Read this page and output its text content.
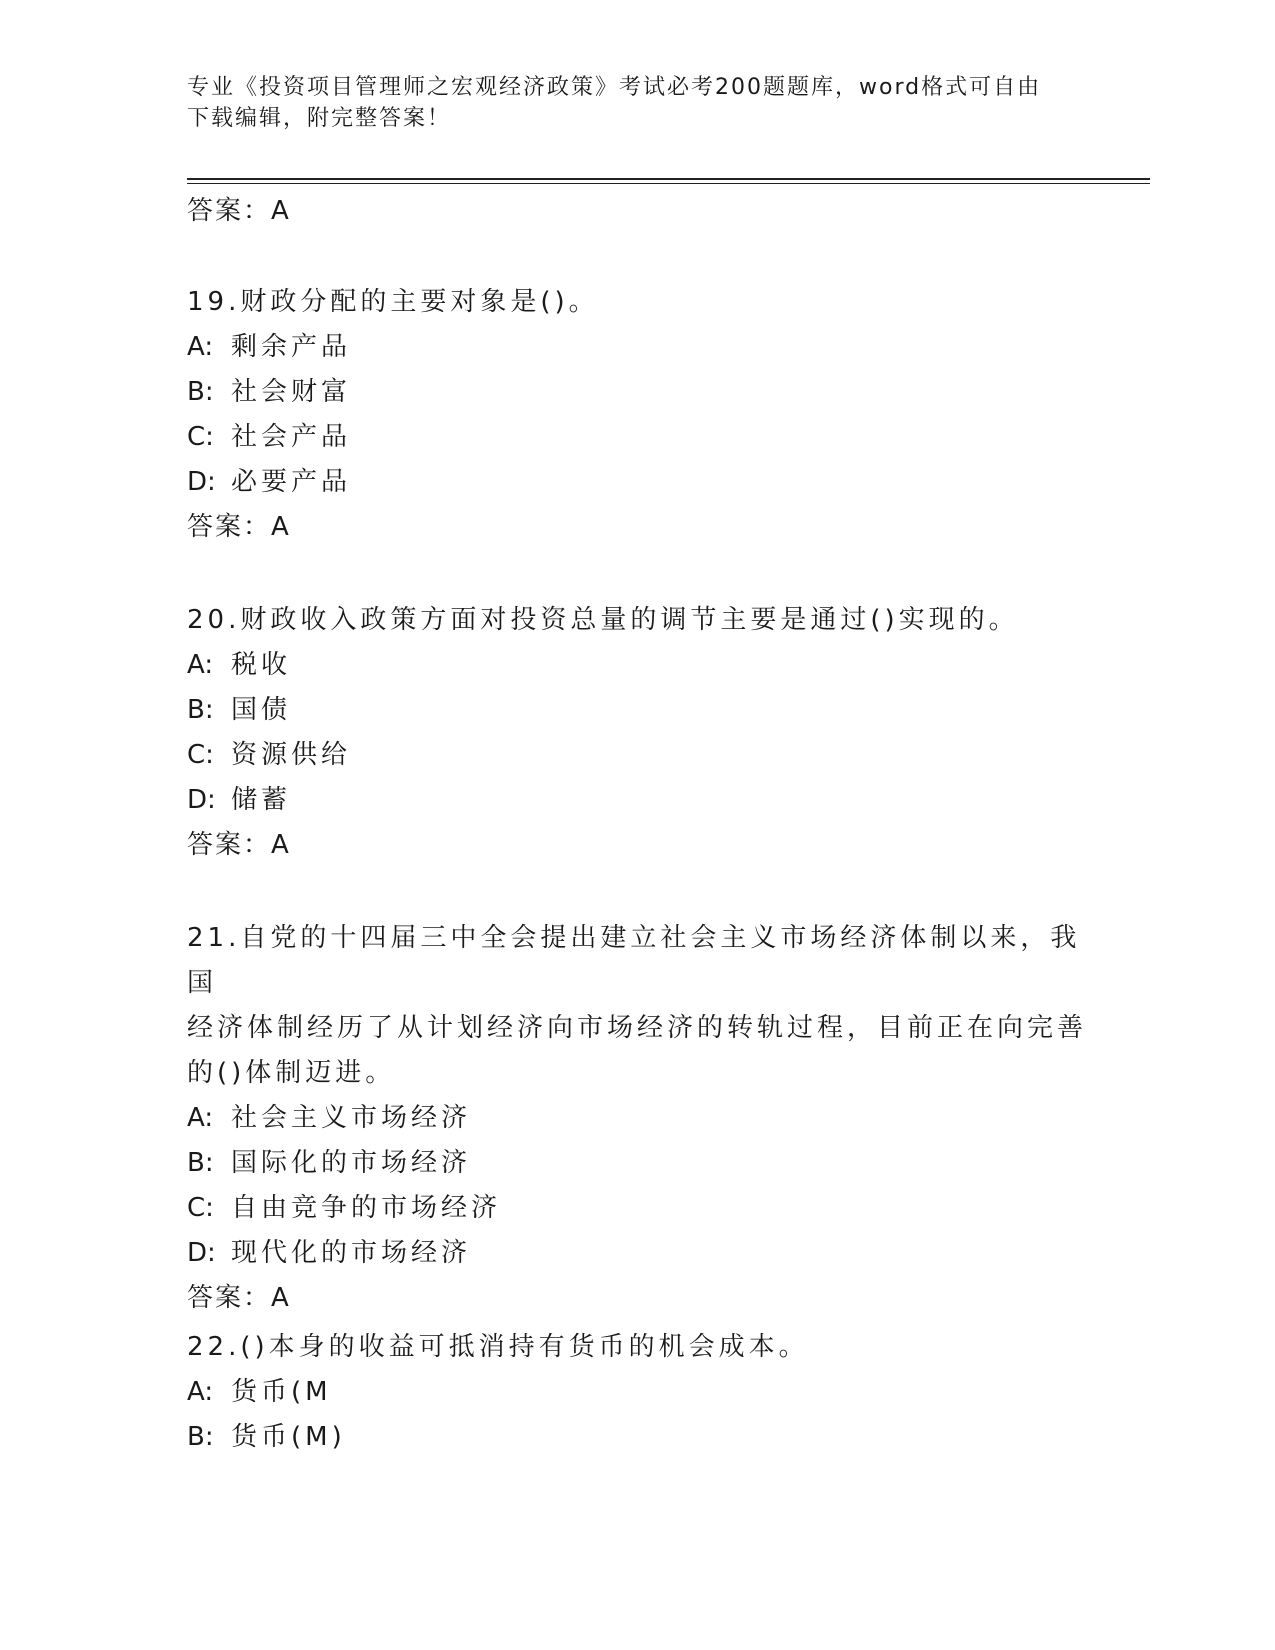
专业《投资项目管理师之宏观经济政策》考试必考200题题库，word格式可自由
下载编辑，附完整答案！
答案：A

19.财政分配的主要对象是()。

A: 剩余产品

B: 社会财富

C: 社会产品

D: 必要产品

答案：A

20.财政收入政策方面对投资总量的调节主要是通过()实现的。

A: 税收

B: 国债

C: 资源供给

D: 储蓄

答案：A

21.自党的十四届三中全会提出建立社会主义市场经济体制以来，我国

经济体制经历了从计划经济向市场经济的转轨过程，目前正在向完善

的()体制迈进。

A: 社会主义市场经济

B: 国际化的市场经济

C: 自由竞争的市场经济

D: 现代化的市场经济

答案：A

22.()本身的收益可抵消持有货币的机会成本。

A: 货币(M

B: 货币(M)
